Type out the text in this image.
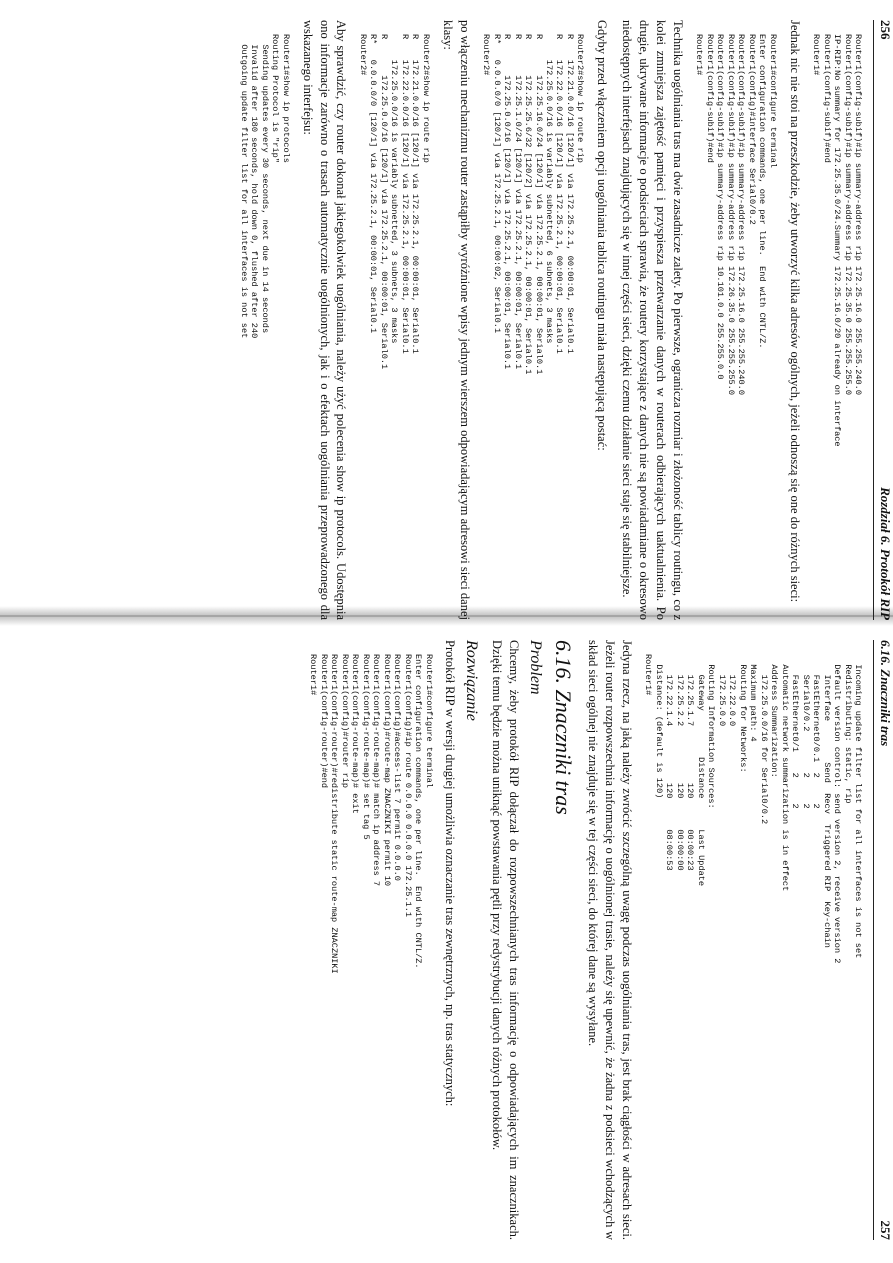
256
Rozdział 6. Protokół RIP
Router1(config-subif)#ip summary-address rip 172.25.16.0 255.255.240.0
Router1(config-subif)#ip summary-address rip 172.25.35.0 255.255.255.0
IP-RIP:No summary for 172.25.35.0/24.Summary 172.25.16.0/20 already on interface
Router1(config-subif)#end
Router1#

Jednak nic nie stoi na przeszkodzie, żeby utworzyć kilka adresów ogólnych, jeżeli odnoszą się one do różnych sieci:

Router1#configure terminal
Enter configuration commands, one per line.  End with CNTL/Z.
Router1(config)#interface Serial0/0.2
Router1(config-subif)#ip summary-address rip 172.25.16.0 255.255.240.0
Router1(config-subif)#ip summary-address rip 172.26.35.0 255.255.255.0
Router1(config-subif)#ip summary-address rip 10.101.0.0 255.255.0.0
Router1(config-subif)#end
Router1#

Technika uogólniania tras ma dwie zasadnicze zalety. Po pierwsze, ogranicza rozmiar i złożoność tablicy routingu, co z kolei zmniejsza zajętość pamięci i przyspiesza przetwarzanie danych w routerach odbierających uaktualnienia. Po drugie, ukrywane informacje o podsieciach sprawia, że routery korzystające z danych nie są powiadamiane o okresowo niedostępnych interfejsach znajdujących się w innej części sieci, dzięki czemu działanie sieci staje się stabilniejsze.

Gdyby przed włączeniem opcji uogólniania tablica routingu miała następującą postać:

Router2#show ip route rip
R    172.21.0.0/16 [120/1] via 172.25.2.1, 00:00:01, Serial0.1
R    172.22.0.0/16 [120/1] via 172.25.2.1, 00:00:01, Serial0.1
172.25.0.0/16 is variably subnetted, 6 subnets, 3 masks
R       172.25.16.0/24 [120/1] via 172.25.2.1, 00:00:01, Serial0.1
R       172.25.25.6/32 [120/2] via 172.25.2.1, 00:00:01, Serial0.1
R       172.25.1.0/24 [120/1] via 172.25.2.1, 00:00:01, Serial0.1
R       172.25.0.0/16 [120/1] via 172.25.2.1, 00:00:01, Serial0.1
R*   0.0.0.0/0 [120/1] via 172.25.2.1, 00:00:02, Serial0.1
Router2#

po włączeniu mechanizmu router zastąpiłby wyróżnione wpisy jednym wierszem odpowiadającym adresowi sieci danej klasy:

Router2#show ip route rip
R    172.21.0.0/16 [120/1] via 172.25.2.1, 00:00:01, Serial0.1
R    172.22.0.0/16 [120/1] via 172.25.2.1, 00:00:01, Serial0.1
172.25.0.0/16 is variably subnetted, 3 subnets, 3 masks
R       172.25.0.0/16 [120/1] via 172.25.2.1, 00:00:01, Serial0.1
R*   0.0.0.0/0 [120/1] via 172.25.2.1, 00:00:01, Serial0.1
Router2#

Aby sprawdzić, czy router dokonał jakiegokolwiek uogólniania, należy użyć polecenia show ip protocols. Udostępnia ono informacje zarówno o trasach automatycznie uogólnionych, jak i o efektach uogólniania przeprowadzonego dla wskazanego interfejsu:

Router1#show ip protocols
Routing Protocol is "rip"
Sending updates every 30 seconds, next due in 14 seconds
Invalid after 180 seconds, hold down 0, flushed after 240
Outgoing update filter list for all interfaces is not set
6.16. Znaczniki tras
257
Incoming update filter list for all interfaces is not set
Redistributing: static, rip
Default version control: send version 2, receive version 2
Interface        Send  Recv  Triggered RIP  Key-chain
FastEthernet0/0.1  2     2
Serial0/0.2        2     2
FastEthernet0/1    2     2
Automatic network summarization is in effect
Address Summarization:
172.25.0.0/16 for Serial0/0.2
Maximum path: 4
Routing for Networks:
172.22.0.0
172.25.0.0
Routing Information Sources:
Gateway         Distance      Last Update
172.25.1.7           120      00:00:23
172.25.2.2           120      00:00:00
172.22.1.4           120      08:00:53
Distance: (default is 120)
Router1#

Jedyna rzecz, na jaką należy zwrócić szczególną uwagę podczas uogólniania tras, jest brak ciągłości w adresach sieci. Jeżeli router rozpowszechnia informację o uogólnionej trasie, należy się upewnić, że żadna z podsieci wchodzących w skład sieci ogólnej nie znajduje się w tej części sieci, do której dane są wysyłane.

6.16. Znaczniki tras
Problem

Chcemy, żeby protokół RIP dołączał do rozpowszechnianych tras informację o odpowiadających im znacznikach. Dzięki temu będzie można uniknąć powstawania pętli przy redystrybucji danych różnych protokołów.

Rozwiązanie

Protokół RIP w wersji drugiej umożliwia oznaczanie tras zewnętrznych, np. tras statycznych:

Router1#configure terminal
Enter configuration commands, one per line.  End with CNTL/Z.
Router1(config)#ip route 0.0.0.0 0.0.0.0 172.25.1.1
Router1(config)#access-list 7 permit 0.0.0.0
Router1(config)#route-map ZNACZNIKI permit 10
Router1(config-route-map)# match ip address 7
Router1(config-route-map)# set tag 5
Router1(config-route-map)# exit
Router1(config)#router rip
Router1(config-router)#redistribute static route-map ZNACZNIKI
Router1(config-router)#end
Router1#
